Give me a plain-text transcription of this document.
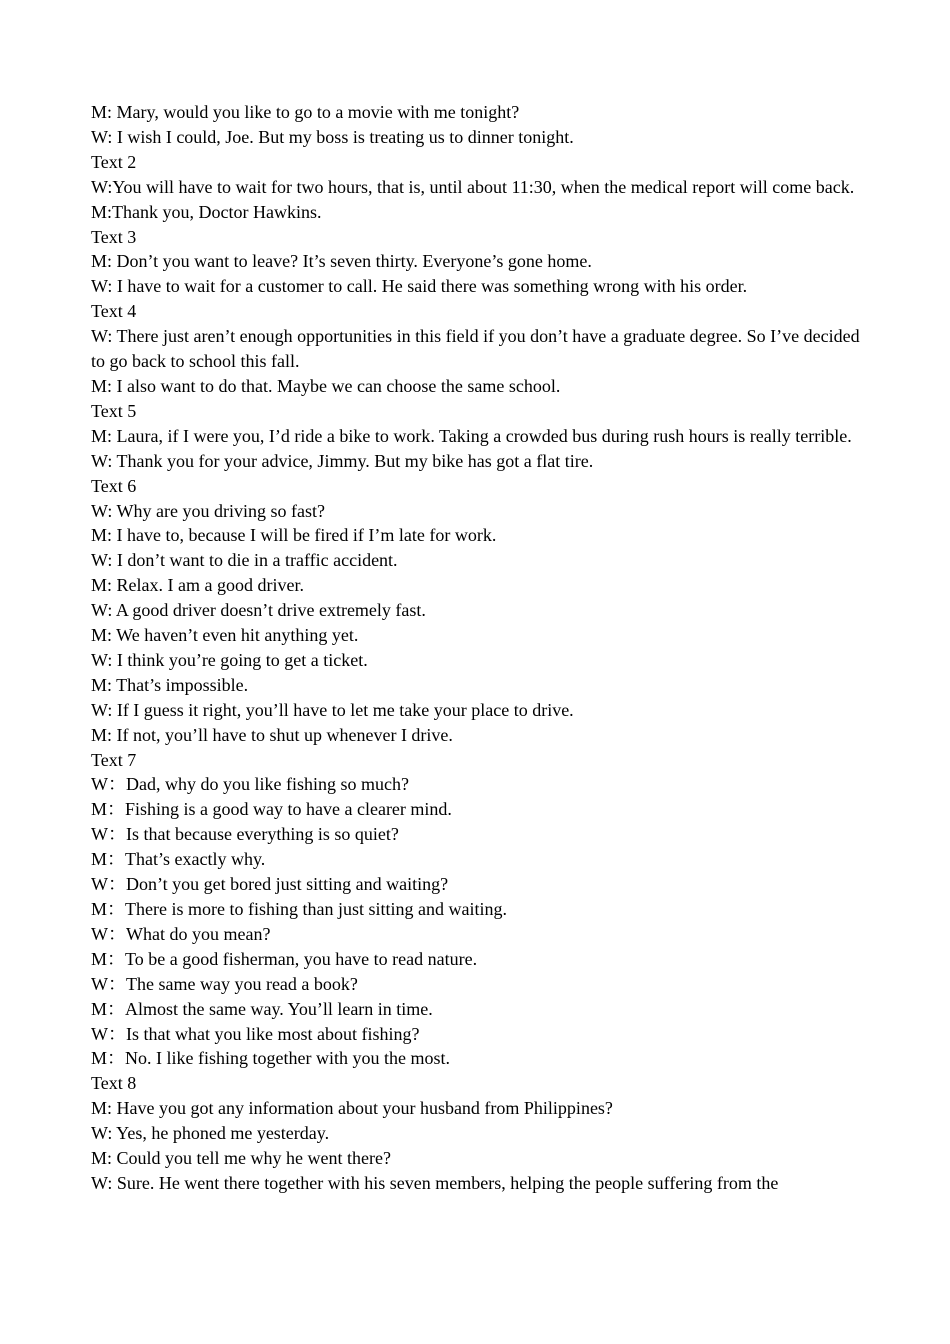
M: Mary, would you like to go to a movie with me tonight?

W: I wish I could, Joe. But my boss is treating us to dinner tonight.

Text 2

W:You will have to wait for two hours, that is, until about 11:30, when the medical report will come back.

M:Thank you, Doctor Hawkins.

Text 3

M: Don’t you want to leave? It’s seven thirty. Everyone’s gone home.

W: I have to wait for a customer to call. He said there was something wrong with his order.

Text 4

W: There just aren’t enough opportunities in this field if you don’t have a graduate degree. So I’ve decided to go back to school this fall.

M: I also want to do that. Maybe we can choose the same school.

Text 5

M: Laura, if I were you, I’d ride a bike to work. Taking a crowded bus during rush hours is really terrible.

W: Thank you for your advice, Jimmy. But my bike has got a flat tire.

Text 6

W: Why are you driving so fast?

M: I have to, because I will be fired if I’m late for work.

W: I don’t want to die in a traffic accident.

M: Relax. I am a good driver.

W: A good driver doesn’t drive extremely fast.

M: We haven’t even hit anything yet.

W: I think you’re going to get a ticket.

M: That’s impossible.

W: If I guess it right, you’ll have to let me take your place to drive.

M: If not, you’ll have to shut up whenever I drive.

Text 7

W：Dad, why do you like fishing so much?

M：Fishing is a good way to have a clearer mind.

W：Is that because everything is so quiet?

M：That’s exactly why.

W：Don’t you get bored just sitting and waiting?

M：There is more to fishing than just sitting and waiting.

W：What do you mean?

M：To be a good fisherman, you have to read nature.

W：The same way you read a book?

M：Almost the same way. You’ll learn in time.

W：Is that what you like most about fishing?

M：No. I like fishing together with you the most.

Text 8

M: Have you got any information about your husband from Philippines?

W: Yes, he phoned me yesterday.

M: Could you tell me why he went there?

W: Sure. He went there together with his seven members, helping the people suffering from the
